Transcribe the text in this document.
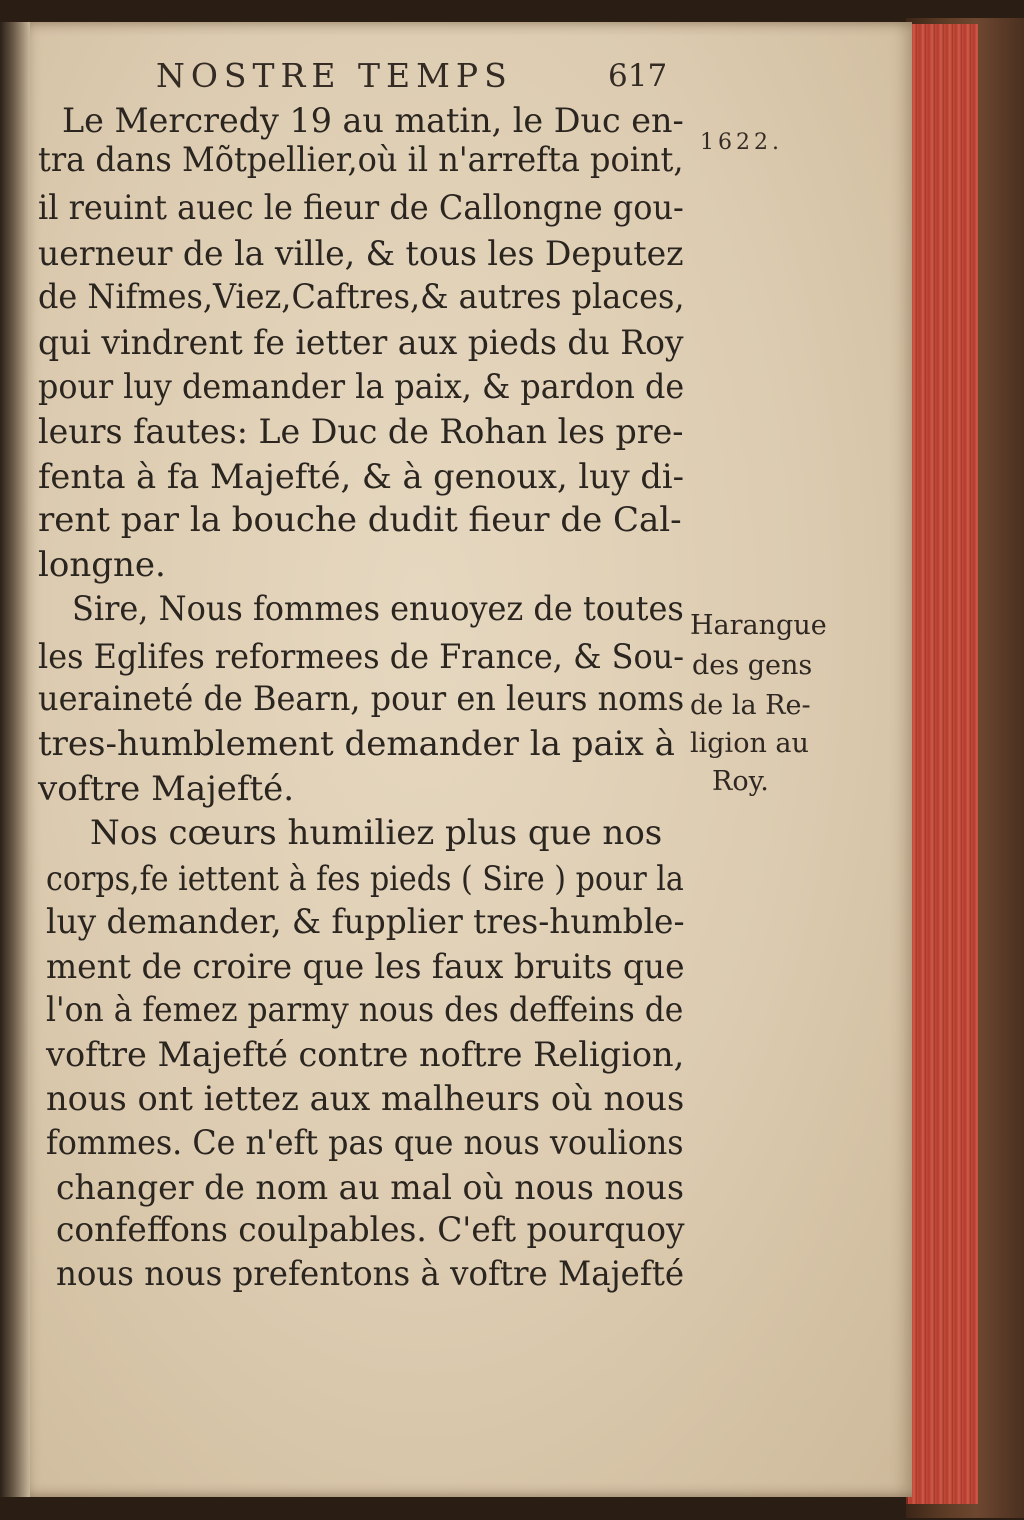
NOSTRE TEMPS	617
1622.
Harangue
des gens
de la Re-
ligion au
Roy.
Le Mercredy 19 au matin, le Duc en-
tra dans Mõtpellier,où il n'arrefta point,
il reuint auec le fieur de Callongne gou-
uerneur de la ville, & tous les Deputez
de Nifmes,Viez,Caftres,& autres places,
qui vindrent fe ietter aux pieds du Roy
pour luy demander la paix, & pardon de
leurs fautes: Le Duc de Rohan les pre-
fenta à fa Majefté, & à genoux, luy di-
rent par la bouche dudit fieur de Cal-
longne.
Sire, Nous fommes enuoyez de toutes
les Eglifes reformees de France, & Sou-
ueraineté de Bearn, pour en leurs noms
tres-humblement demander la paix à
voftre Majefté.
Nos cœurs humiliez plus que nos
corps,fe iettent à fes pieds ( Sire ) pour la
luy demander, & fupplier tres-humble-
ment de croire que les faux bruits que
l'on à femez parmy nous des deffeins de
voftre Majefté contre noftre Religion,
nous ont iettez aux malheurs où nous
fommes. Ce n'eft pas que nous voulions
changer de nom au mal où nous nous
confeffons coulpables. C'eft pourquoy
nous nous prefentons à voftre Majefté
